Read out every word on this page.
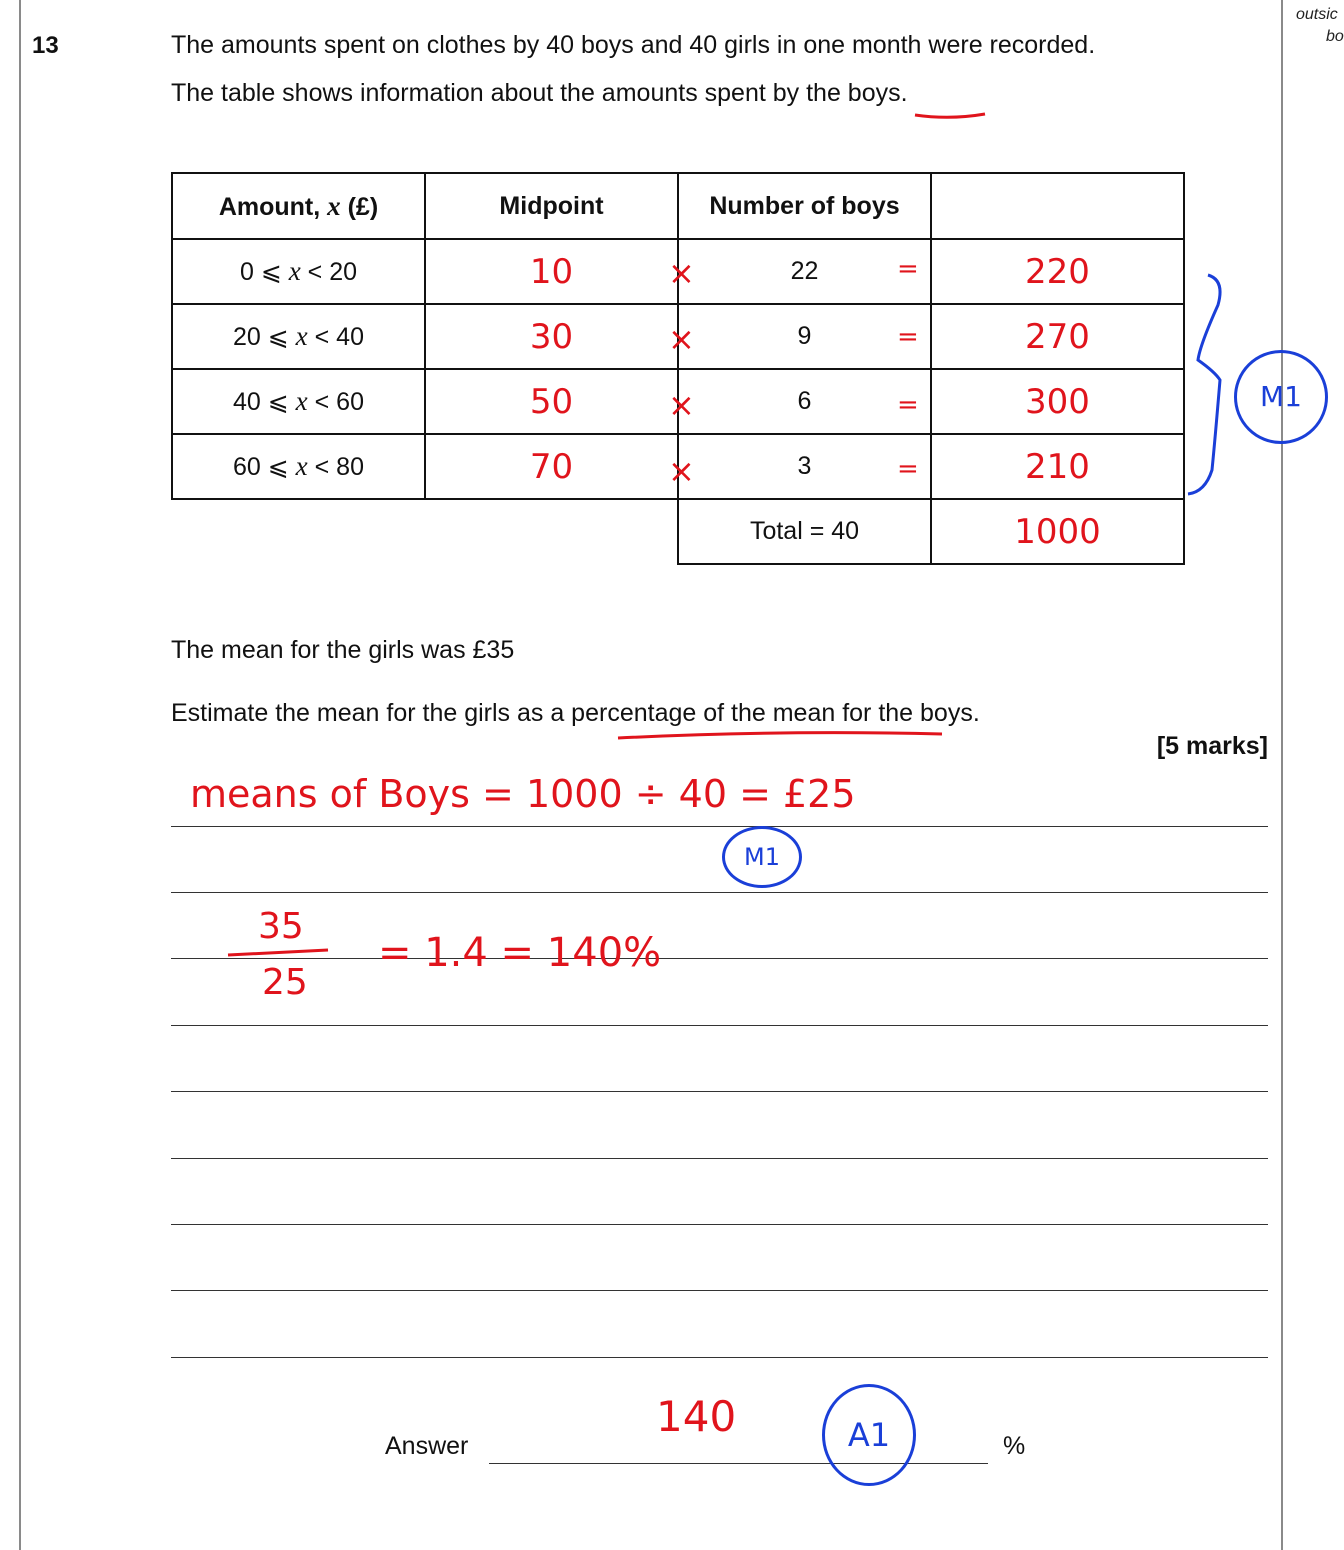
outsic
bo
13	The amounts spent on clothes by 40 boys and 40 girls in one month were recorded.
The table shows information about the amounts spent by the boys.
Amount, x (£)	Midpoint	Number of boys	
0 ⩽ x < 20	10	22	220
20 ⩽ x < 40	30	9	270
40 ⩽ x < 60	50	6	300
60 ⩽ x < 80	70	3	210
		Total = 40	1000
×
×
×
×
=
=
=
=
M1
The mean for the girls was £35
Estimate the mean for the girls as a percentage of the mean for the boys.
[5 marks]
means of Boys = 1000 ÷ 40 = £25
M1
35
25
= 1.4 = 140%
Answer
140	A1	%
